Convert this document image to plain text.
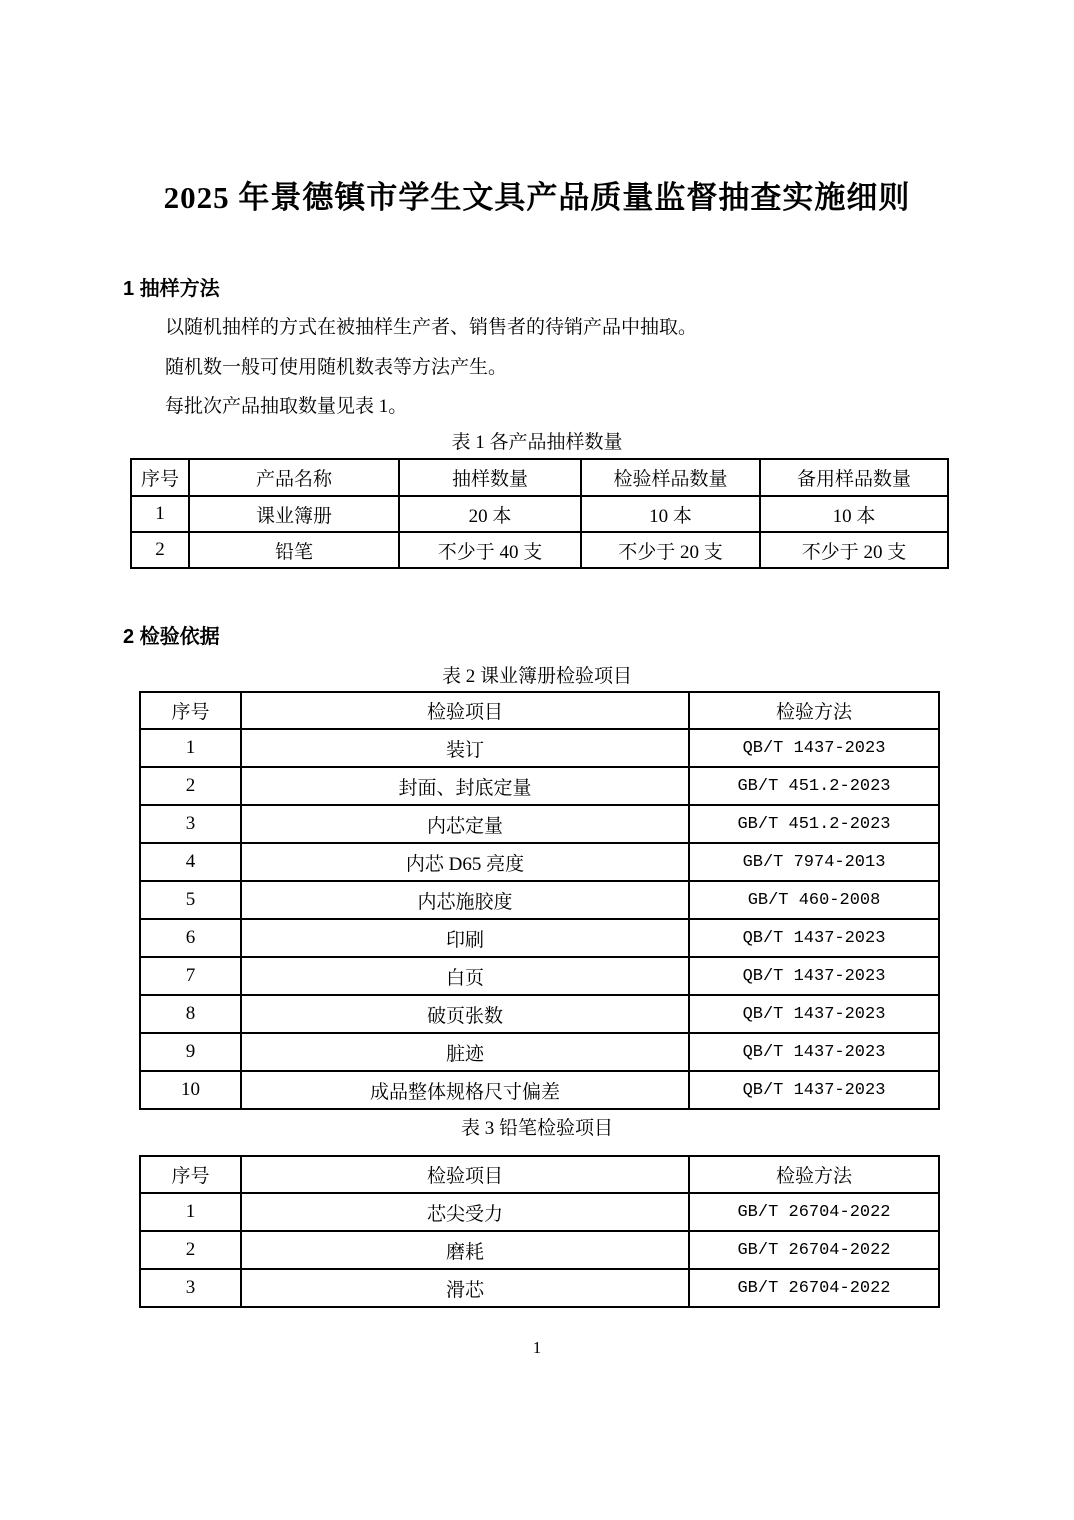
2025 年景德镇市学生文具产品质量监督抽查实施细则
1 抽样方法

以随机抽样的方式在被抽样生产者、销售者的待销产品中抽取。

随机数一般可使用随机数表等方法产生。

每批次产品抽取数量见表 1。

表 1 各产品抽样数量
序号	产品名称	抽样数量	检验样品数量	备用样品数量
1	课业簿册	20 本	10 本	10 本
2	铅笔	不少于 40 支	不少于 20 支	不少于 20 支
2 检验依据
表 2 课业簿册检验项目
序号	检验项目	检验方法
1	装订	QB/T 1437-2023
2	封面、封底定量	GB/T 451.2-2023
3	内芯定量	GB/T 451.2-2023
4	内芯 D65 亮度	GB/T 7974-2013
5	内芯施胶度	GB/T 460-2008
6	印刷	QB/T 1437-2023
7	白页	QB/T 1437-2023
8	破页张数	QB/T 1437-2023
9	脏迹	QB/T 1437-2023
10	成品整体规格尺寸偏差	QB/T 1437-2023
表 3 铅笔检验项目
序号	检验项目	检验方法
1	芯尖受力	GB/T 26704-2022
2	磨耗	GB/T 26704-2022
3	滑芯	GB/T 26704-2022
1
